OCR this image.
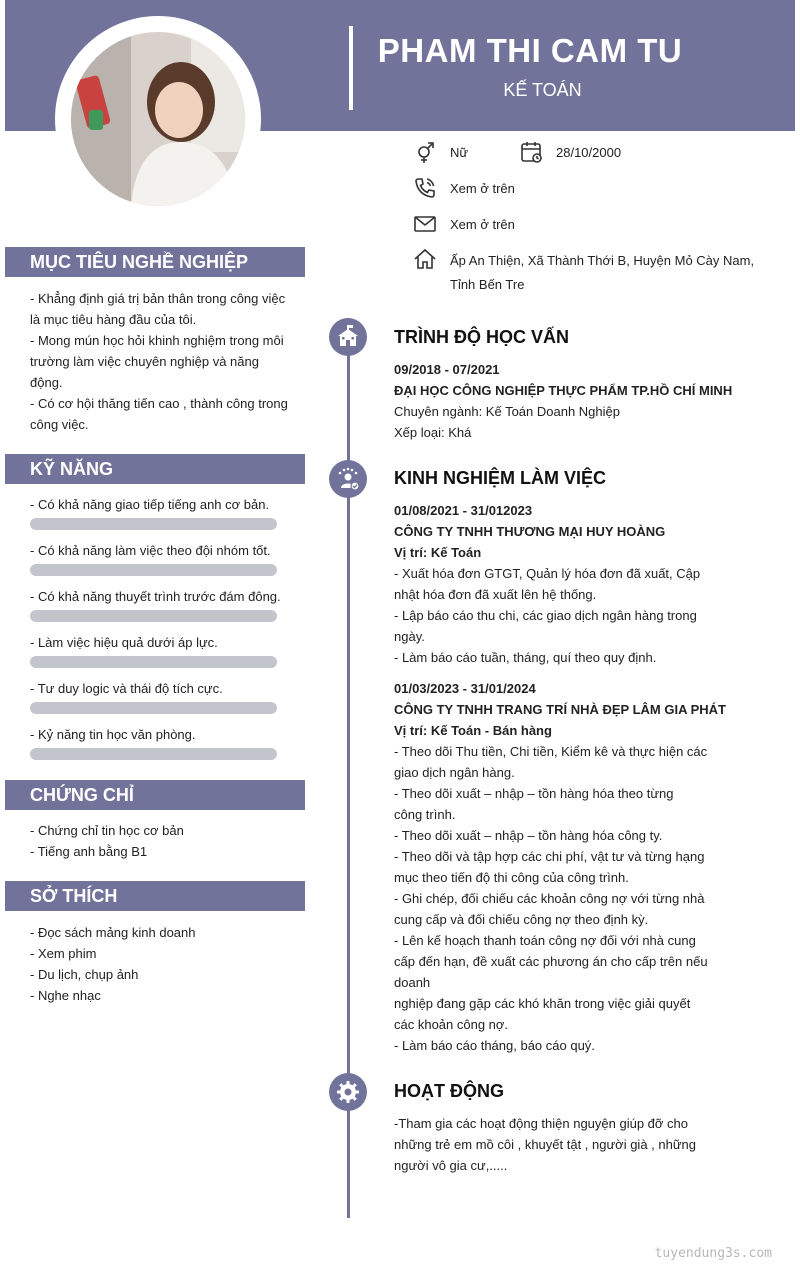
PHAM THI CAM TU
KẾ TOÁN
Nữ	28/10/2000
Xem ở trên
Xem ở trên
Ấp An Thiện, Xã Thành Thới B, Huyện Mỏ Cày Nam,
Tỉnh Bến Tre
MỤC TIÊU NGHỀ NGHIỆP

- Khẳng định giá trị bản thân trong công việc

là mục tiêu hàng đầu của tôi.

- Mong mún học hỏi khinh nghiệm trong môi

trường làm việc chuyên nghiệp và năng

động.

- Có cơ hội thăng tiến cao , thành công trong

công việc.

KỸ NĂNG
- Có khả năng giao tiếp tiếng anh cơ bản.
- Có khả năng làm việc theo đội nhóm tốt.
- Có khả năng thuyết trình trước đám đông.
- Làm việc hiệu quả dưới áp lực.
- Tư duy logic và thái độ tích cực.
- Kỷ năng tin học văn phòng.
CHỨNG CHỈ

- Chứng chỉ tin học cơ bản

- Tiếng anh bằng B1

SỞ THÍCH

- Đọc sách mảng kinh doanh

- Xem phim

- Du lịch, chụp ảnh

- Nghe nhạc

TRÌNH ĐỘ HỌC VẤN

09/2018 - 07/2021

ĐẠI HỌC CÔNG NGHIỆP THỰC PHẨM TP.HỒ CHÍ MINH

Chuyên ngành: Kế Toán Doanh Nghiệp

Xếp loại: Khá

KINH NGHIỆM LÀM VIỆC

01/08/2021 - 31/012023

CÔNG TY TNHH THƯƠNG MẠI HUY HOÀNG

Vị trí: Kế Toán

- Xuất hóa đơn GTGT, Quản lý hóa đơn đã xuất, Cập

nhật hóa đơn đã xuất lên hệ thống.

- Lập báo cáo thu chi, các giao dịch ngân hàng trong

ngày.

- Làm báo cáo tuần, tháng, quí theo quy định.

01/03/2023 - 31/01/2024

CÔNG TY TNHH TRANG TRÍ NHÀ ĐẸP LÂM GIA PHÁT

Vị trí: Kế Toán - Bán hàng

- Theo dõi Thu tiền, Chi tiền, Kiểm kê và thực hiện các

giao dịch ngân hàng.

- Theo dõi xuất – nhập – tồn hàng hóa theo từng

công trình.

- Theo dõi xuất – nhập – tồn hàng hóa công ty.

- Theo dõi và tập hợp các chi phí, vật tư và từng hạng

mục theo tiến độ thi công của công trình.

- Ghi chép, đối chiếu các khoản công nợ với từng nhà

cung cấp và đối chiếu công nợ theo định kỳ.

- Lên kế hoạch thanh toán công nợ đối với nhà cung

cấp đến hạn, đề xuất các phương án cho cấp trên nếu

doanh

nghiệp đang gặp các khó khăn trong việc giải quyết

các khoản công nợ.

- Làm báo cáo tháng, báo cáo quý.

HOẠT ĐỘNG

-Tham gia các hoạt động thiện nguyện giúp đỡ cho

những trẻ em mồ côi , khuyết tật , người già , những

người vô gia cư,.....

tuyendung3s.com
